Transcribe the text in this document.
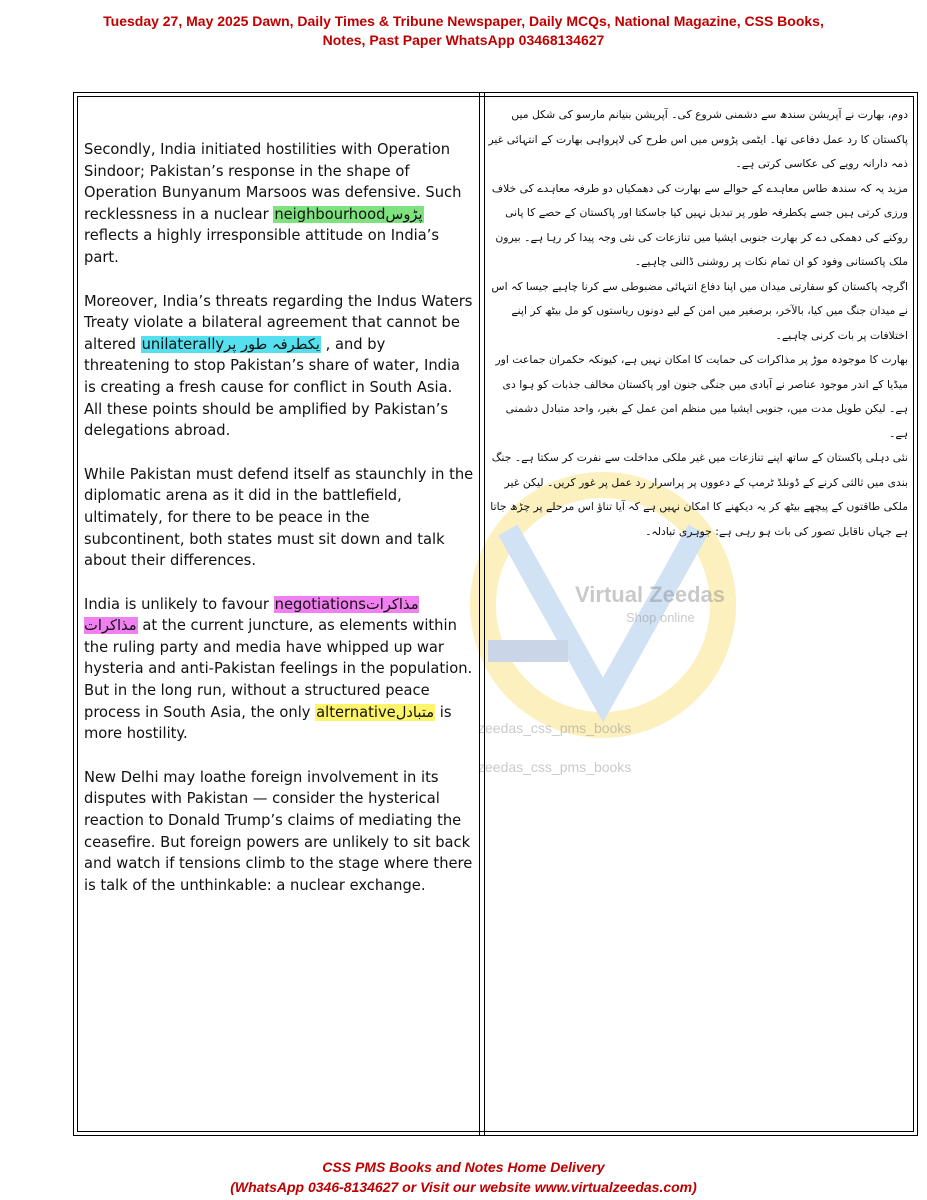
Tuesday 27, May 2025 Dawn, Daily Times & Tribune Newspaper, Daily MCQs, National Magazine, CSS Books,
Notes, Past Paper WhatsApp 03468134627
Virtual Zeedas
Shop online
zeedas_css_pms_books
zeedas_css_pms_books

Secondly, India initiated hostilities with Operation Sindoor; Pakistan’s response in the shape of Operation Bunyanum Marsoos was defensive. Such recklessness in a nuclear neighbourhoodپڑوس reflects a highly irresponsible attitude on India’s part.

Moreover, India’s threats regarding the Indus Waters Treaty violate a bilateral agreement that cannot be altered unilaterallyیکطرفہ طور پر , and by threatening to stop Pakistan’s share of water, India is creating a fresh cause for conflict in South Asia. All these points should be amplified by Pakistan’s delegations abroad.

While Pakistan must defend itself as staunchly in the diplomatic arena as it did in the battlefield, ultimately, for there to be peace in the subcontinent, both states must sit down and talk about their differences.

India is unlikely to favour negotiationsمذاکرات مذاکرات at the current juncture, as elements within the ruling party and media have whipped up war hysteria and anti-Pakistan feelings in the population. But in the long run, without a structured peace process in South Asia, the only alternativeمتبادل is more hostility.

New Delhi may loathe foreign involvement in its disputes with Pakistan — consider the hysterical reaction to Donald Trump’s claims of mediating the ceasefire. But foreign powers are unlikely to sit back and watch if tensions climb to the stage where there is talk of the unthinkable: a nuclear exchange.

دوم، بھارت نے آپریشن سندھ سے دشمنی شروع کی۔ آپریشن بنیانم مارسو کی شکل میں پاکستان کا رد عمل دفاعی تھا۔ ایٹمی پڑوس میں اس طرح کی لاپرواہی بھارت کے انتہائی غیر ذمہ دارانہ رویے کی عکاسی کرتی ہے۔

مزید یہ کہ سندھ طاس معاہدے کے حوالے سے بھارت کی دھمکیاں دو طرفہ معاہدے کی خلاف ورزی کرتی ہیں جسے یکطرفہ طور پر تبدیل نہیں کیا جاسکتا اور پاکستان کے حصے کا پانی روکنے کی دھمکی دے کر بھارت جنوبی ایشیا میں تنازعات کی نئی وجہ پیدا کر رہا ہے۔ بیرون ملک پاکستانی وفود کو ان تمام نکات پر روشنی ڈالنی چاہیے۔

اگرچہ پاکستان کو سفارتی میدان میں اپنا دفاع انتہائی مضبوطی سے کرنا چاہیے جیسا کہ اس نے میدان جنگ میں کیا، بالآخر، برصغیر میں امن کے لیے دونوں ریاستوں کو مل بیٹھ کر اپنے اختلافات پر بات کرنی چاہیے۔

بھارت کا موجودہ موڑ پر مذاکرات کی حمایت کا امکان نہیں ہے، کیونکہ حکمران جماعت اور میڈیا کے اندر موجود عناصر نے آبادی میں جنگی جنون اور پاکستان مخالف جذبات کو ہوا دی ہے۔ لیکن طویل مدت میں، جنوبی ایشیا میں منظم امن عمل کے بغیر، واحد متبادل دشمنی ہے۔

نئی دہلی پاکستان کے ساتھ اپنے تنازعات میں غیر ملکی مداخلت سے نفرت کر سکتا ہے۔ جنگ بندی میں ثالثی کرنے کے ڈونلڈ ٹرمپ کے دعووں پر پراسرار رد عمل پر غور کریں۔ لیکن غیر ملکی طاقتوں کے پیچھے بیٹھ کر یہ دیکھنے کا امکان نہیں ہے کہ آیا تناؤ اس مرحلے پر چڑھ جاتا ہے جہاں ناقابل تصور کی بات ہو رہی ہے: جوہری تبادلہ۔

CSS PMS Books and Notes Home Delivery
(WhatsApp 0346-8134627 or Visit our website www.virtualzeedas.com)
